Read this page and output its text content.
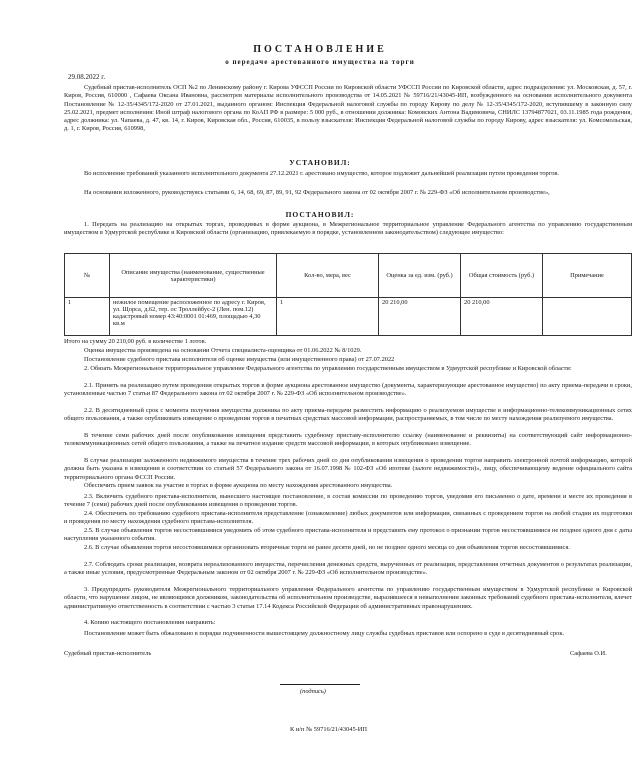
ПОСТАНОВЛЕНИЕ
о передаче арестованного имущества на торги
29.08.2022 г.
Судебный пристав-исполнитель ОСП №2 по Ленинскому району г. Кирова УФССП России по Кировской области УФССП России по Кировской области, адрес подразделения: ул. Московская, д. 57, г. Киров, Россия, 610000 , Сафаева Оксана Ивановна, рассмотрев материалы исполнительного производства от 14.05.2021 № 59716/21/43045-ИП, возбужденного на основании исполнительного документа Постановление № 12-35/4345/172-2020 от 27.01.2021, выданного органом: Инспекция Федеральной налоговой службы по городу Кирову по делу № 12-35/4345/172-2020, вступившему в законную силу 25.02.2021, предмет исполнения: Иной штраф налогового органа по КоАП РФ в размере: 5 000 руб., в отношении должника: Комовских Антона Вадимовича, СНИЛС 13794877021, 03.11.1985 года рождения, адрес должника: ул. Чапаева, д. 47, кв. 14, г. Киров, Кировская обл., Россия, 610035, в пользу взыскателя: Инспекция Федеральной налоговой службы по городу Кирову, адрес взыскателя: ул. Комсомольская, д. 1, г. Киров, Россия, 610998,
УСТАНОВИЛ:
Во исполнение требований указанного исполнительного документа 27.12.2021 г. арестовано имущество, которое подлежит дальнейшей реализации путем проведения торгов.
На основании изложенного, руководствуясь статьями 6, 14, 68, 69, 87, 89, 91, 92 Федерального закона от 02 октября 2007 г. № 229-ФЗ «Об исполнительном производстве»,
ПОСТАНОВИЛ:
1. Передать на реализацию на открытых торгах, проводимых в форме аукциона, в Межрегиональное территориальное управление Федерального агентства по управлению государственным имуществом в Удмуртской республике и Кировской области (организацию, привлекаемую в порядке, установленном законодательством) следующее имущество:
№	Описание имущества (наименование, существенные характеристики)	Кол-во, мера, вес	Оценка за ед. изм. (руб.)	Общая стоимость (руб.)	Примечание
1	нежилое помещение расположенное по адресу г. Киров, ул. Щорса, д.62, тер. ос Троллейбус-2 (Лен. пом.12) кадастровый номер 43:40:0001 01:469, площадью 4,30 кв.м	1	20 210,00	20 210,00	
Итого на сумму 20 210,00 руб. в количестве 1 лотов.
Оценка имущества произведена на основании Отчета специалиста-оценщика от 01.06.2022 № 8/1029.
Постановление судебного пристава исполнителя об оценке имущества (или имущественного права) от 27.07.2022
2. Обязать Межрегиональное территориальное управление Федерального агентства по управлению государственным имуществом в Удмуртской республике и Кировской области:
2.1. Принять на реализацию путем проведения открытых торгов в форме аукциона арестованное имущество (документы, характеризующие арестованное имущество) по акту приема-передачи в сроки, установленные частью 7 статьи 87 Федерального закона от 02 октября 2007 г. № 229-ФЗ «Об исполнительном производстве».
2.2. В десятидневный срок с момента получения имущества должника по акту приема-передачи разместить информацию о реализуемом имуществе в информационно-телекоммуникационных сетях общего пользования, а также опубликовать извещение о проведении торгов в печатных средствах массовой информации, распространяемых, в том числе по месту нахождения реализуемого имущества.
В течение семи рабочих дней после опубликования извещения представить судебному приставу-исполнителю ссылку (наименование и реквизиты) на соответствующий сайт информационно-телекоммуникационных сетей общего пользования, а также на печатное издание средств массовой информации, в которых опубликовано извещение.
В случае реализации заложенного недвижимого имущества в течение трех рабочих дней со дня опубликования извещения о проведении торгов направить электронной почтой информацию, которой должна быть указана в извещении в соответствии со статьей 57 Федерального закона от 16.07.1998 № 102-ФЗ «Об ипотеке (залоге недвижимости)», лицу, обеспечивающему ведение официального сайта территориального органа ФССП России.
Обеспечить прием заявок на участие в торгах в форме аукциона по месту нахождения арестованного имущества.
2.3. Включить судебного пристава-исполнителя, вынесшего настоящее постановление, в состав комиссии по проведению торгов, уведомив его письменно о дате, времени и месте их проведения в течение 7 (семи) рабочих дней после опубликования извещения о проведении торгов.
2.4. Обеспечить по требованию судебного пристава-исполнителя представление (ознакомление) любых документов или информации, связанных с проведением торгов на любой стадии их подготовки и проведения по месту нахождения судебного пристава-исполнителя.
2.5. В случае объявления торгов несостоявшимися уведомить об этом судебного пристава-исполнителя и представить ему протокол о признании торгов несостоявшимися не позднее одного дня с даты наступления указанного события.
2.6. В случае объявления торгов несостоявшимися организовать вторичные торги не ранее десяти дней, но не позднее одного месяца со дня объявления торгов несостоявшимися.
2.7. Соблюдать сроки реализации, возврата нереализованного имущества, перечисления денежных средств, вырученных от реализации, представления отчетных документов о результатах реализации, а также иные условия, предусмотренные Федеральным законом от 02 октября 2007 г. № 229-ФЗ «Об исполнительном производстве».
3. Предупредить руководителя Межрегионального территориального управления Федерального агентства по управлению государственным имуществом в Удмуртской республике и Кировской области, что нарушение лицом, не являющимся должником, законодательства об исполнительном производстве, выразившееся в невыполнении законных требований судебного пристава-исполнителя, влечет административную ответственность в соответствии с частью 3 статьи 17.14 Кодекса Российской Федерации об административных правонарушениях.
4. Копию настоящего постановления направить:
Постановление может быть обжаловано в порядке подчиненности вышестоящему должностному лицу службы судебных приставов или оспорено в суде в десятидневный срок.
Судебный пристав-исполнитель	Сафаева О.И.
(подпись)
К и/п № 59716/21/43045-ИП
